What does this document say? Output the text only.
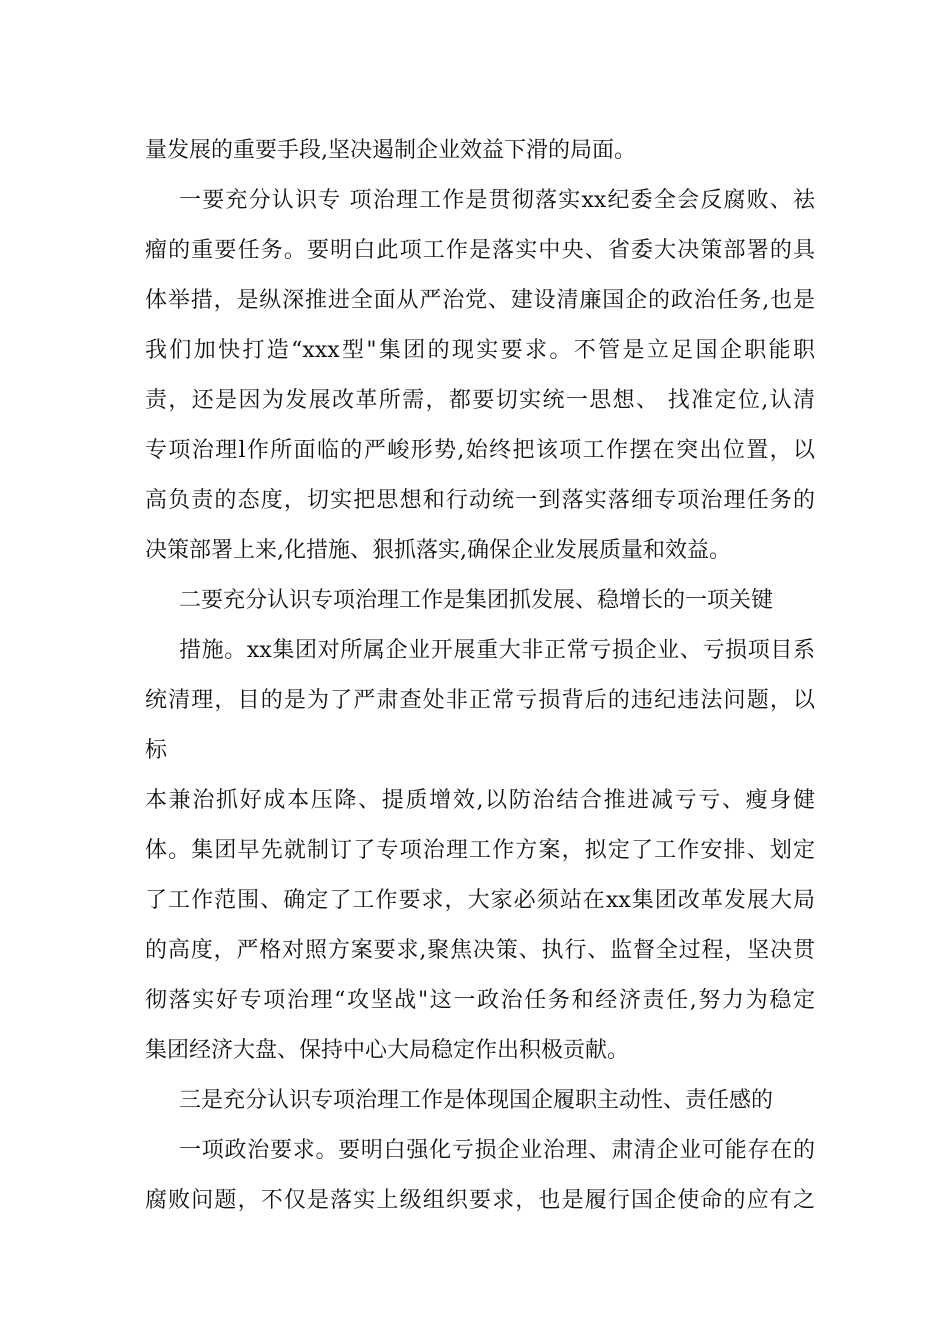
量发展的重要手段,坚决遏制企业效益下滑的局面。
一要充分认识专 项治理工作是贯彻落实xx纪委全会反腐败、祛
瘤的重要任务。要明白此项工作是落实中央、省委大决策部署的具
体举措，是纵深推进全面从严治党、建设清廉国企的政治任务,也是
我们加快打造“xxx型"集团的现实要求。不管是立足国企职能职
责，还是因为发展改革所需，都要切实统一思想、 找准定位,认清
专项治理l作所面临的严峻形势,始终把该项工作摆在突出位置，以
高负责的态度，切实把思想和行动统一到落实落细专项治理任务的
决策部署上来,化措施、狠抓落实,确保企业发展质量和效益。
二要充分认识专项治理工作是集团抓发展、稳增长的一项关键
措施。xx集团对所属企业开展重大非正常亏损企业、亏损项目系
统清理，目的是为了严肃查处非正常亏损背后的违纪违法问题，以
标
本兼治抓好成本压降、提质增效,以防治结合推进减亏亏、瘦身健
体。集团早先就制订了专项治理工作方案，拟定了工作安排、划定
了工作范围、确定了工作要求，大家必须站在xx集团改革发展大局
的高度，严格对照方案要求,聚焦决策、执行、监督全过程，坚决贯
彻落实好专项治理“攻坚战"这一政治任务和经济责任,努力为稳定
集团经济大盘、保持中心大局稳定作出积极贡献。
三是充分认识专项治理工作是体现国企履职主动性、责任感的
一项政治要求。要明白强化亏损企业治理、肃清企业可能存在的
腐败问题，不仅是落实上级组织要求，也是履行国企使命的应有之
